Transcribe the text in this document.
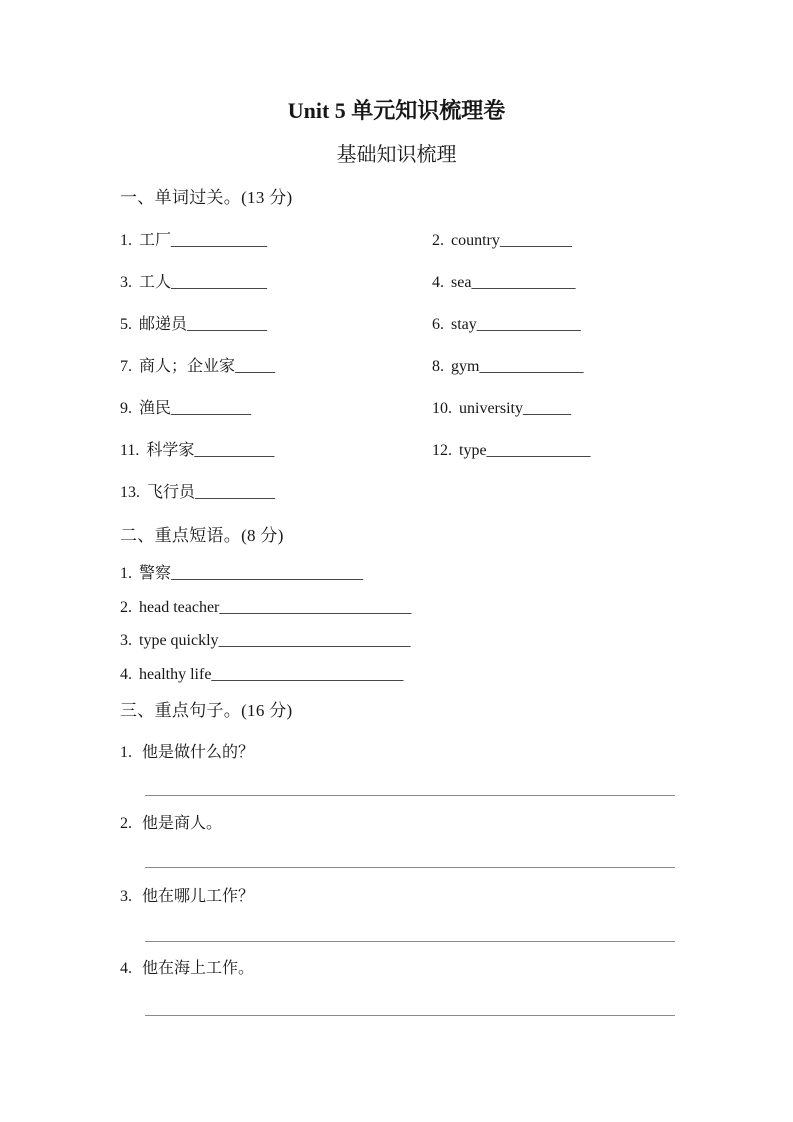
Unit 5 单元知识梳理卷
基础知识梳理
一、单词过关。(13 分)
1. 工厂____________	2. country_________
3. 工人____________	4. sea_____________
5. 邮递员__________	6. stay_____________
7. 商人；企业家_____	8. gym_____________
9. 渔民__________	10. university______
11. 科学家__________	12. type_____________
13. 飞行员__________
二、重点短语。(8 分)
1. 警察________________________
2. head teacher________________________
3. type quickly________________________
4. healthy life________________________
三、重点句子。(16 分)
1. 他是做什么的？
2. 他是商人。
3. 他在哪儿工作？
4. 他在海上工作。
